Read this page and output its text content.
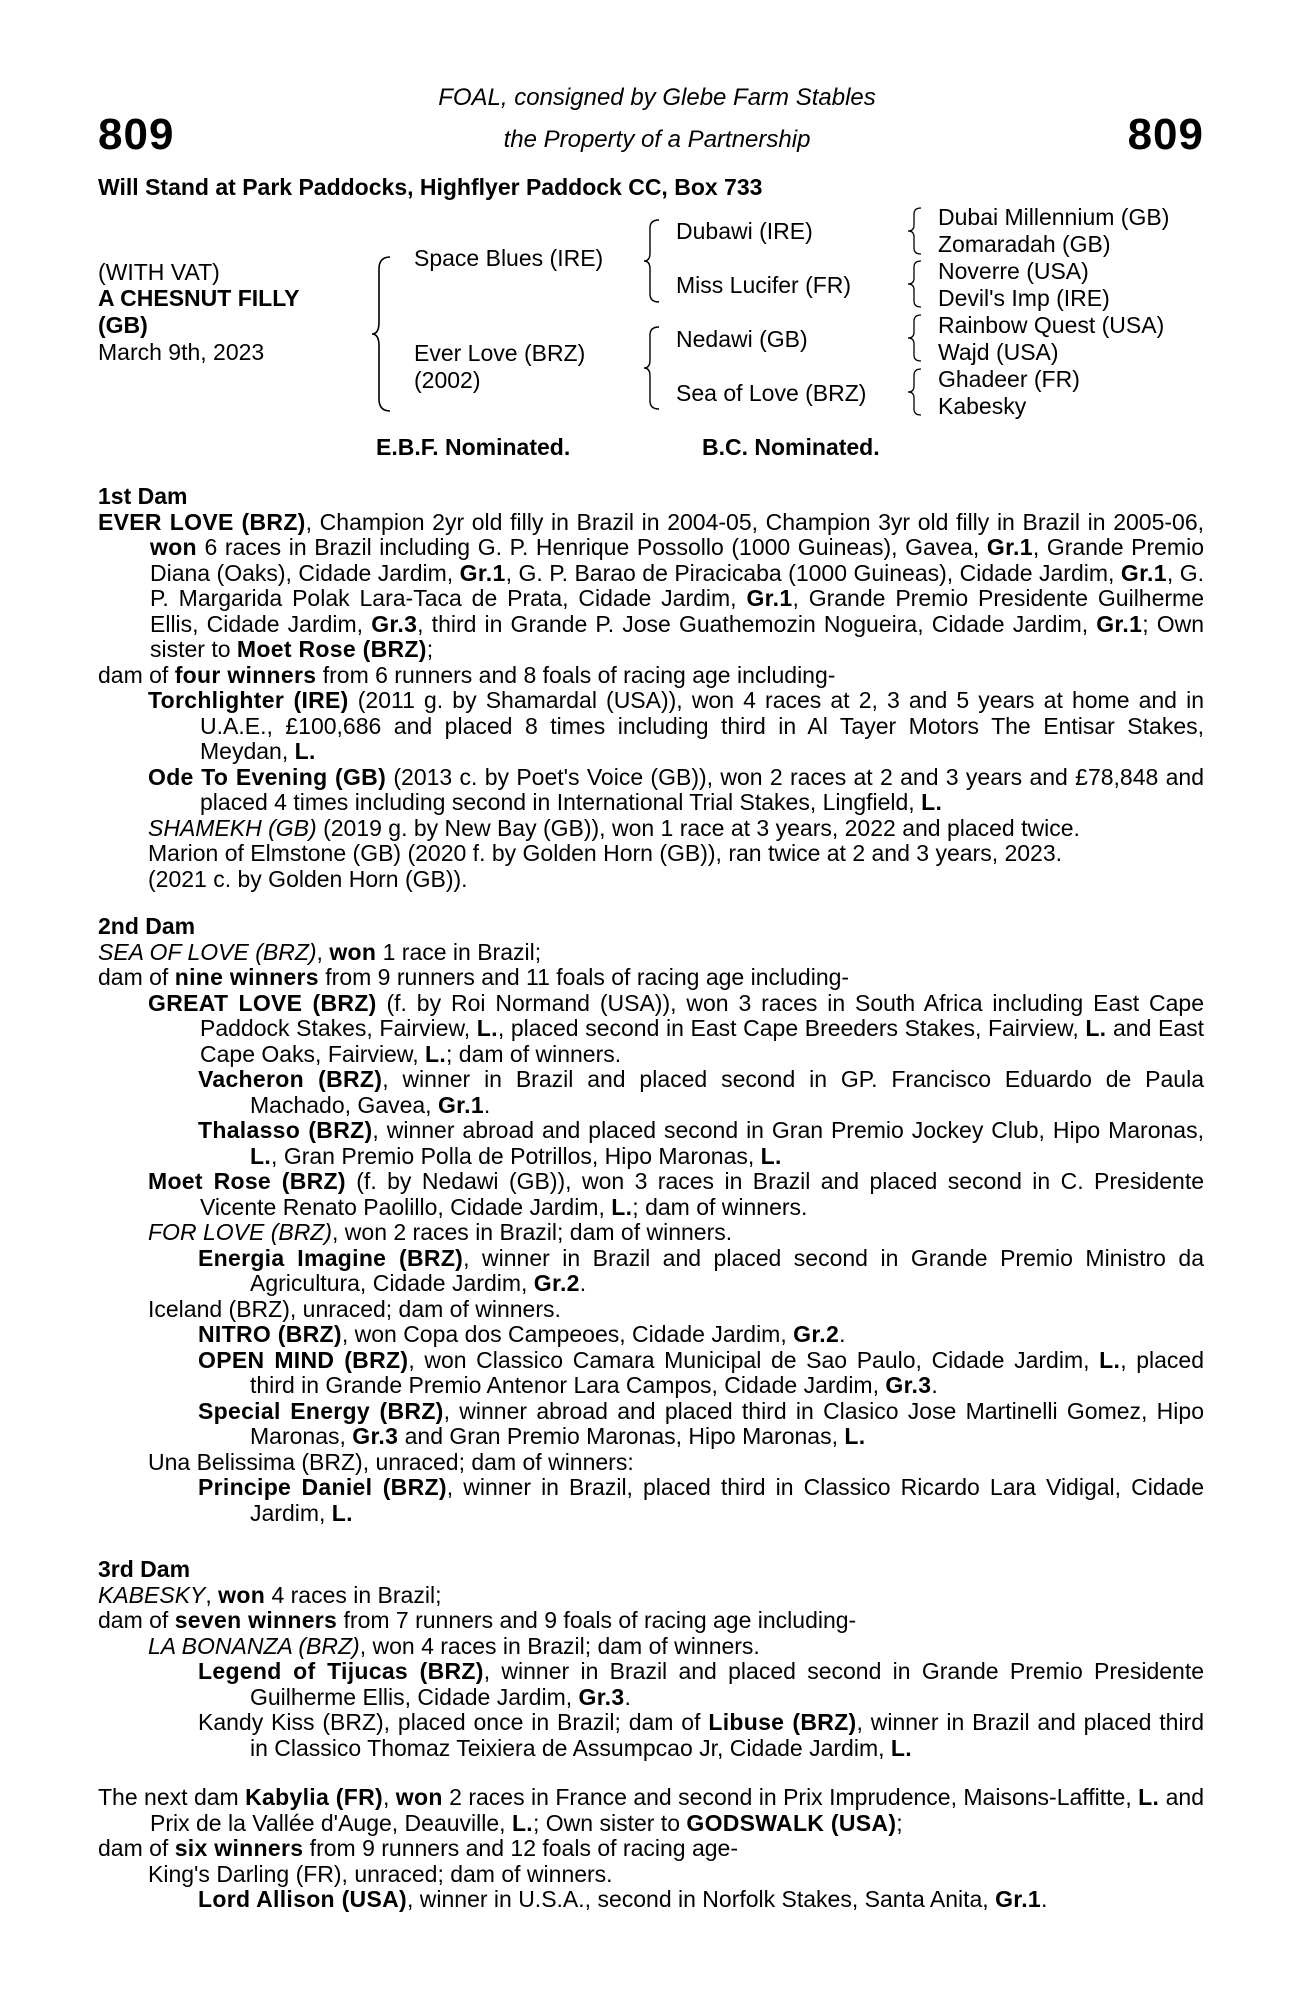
FOAL, consigned by Glebe Farm Stables
the Property of a Partnership
809	809
Will Stand at Park Paddocks, Highflyer Paddock CC, Box 733
(WITH VAT)
A CHESNUT FILLY
(GB)
March 9th, 2023
Space Blues (IRE)
Ever Love (BRZ)
(2002)
Dubawi (IRE)
Miss Lucifer (FR)
Nedawi (GB)
Sea of Love (BRZ)
Dubai Millennium (GB)
Zomaradah (GB)
Noverre (USA)
Devil's Imp (IRE)
Rainbow Quest (USA)
Wajd (USA)
Ghadeer (FR)
Kabesky
E.B.F. Nominated.	B.C. Nominated.

1st Dam

EVER LOVE (BRZ), Champion 2yr old filly in Brazil in 2004-05, Champion 3yr old filly in Brazil in 2005-06, won 6 races in Brazil including G. P. Henrique Possollo (1000 Guineas), Gavea, Gr.1, Grande Premio Diana (Oaks), Cidade Jardim, Gr.1, G. P. Barao de Piracicaba (1000 Guineas), Cidade Jardim, Gr.1, G. P. Margarida Polak Lara-Taca de Prata, Cidade Jardim, Gr.1, Grande Premio Presidente Guilherme Ellis, Cidade Jardim, Gr.3, third in Grande P. Jose Guathemozin Nogueira, Cidade Jardim, Gr.1; Own sister to Moet Rose (BRZ);

dam of four winners from 6 runners and 8 foals of racing age including-

Torchlighter (IRE) (2011 g. by Shamardal (USA)), won 4 races at 2, 3 and 5 years at home and in U.A.E., £100,686 and placed 8 times including third in Al Tayer Motors The Entisar Stakes, Meydan, L.

Ode To Evening (GB) (2013 c. by Poet's Voice (GB)), won 2 races at 2 and 3 years and £78,848 and placed 4 times including second in International Trial Stakes, Lingfield, L.

SHAMEKH (GB) (2019 g. by New Bay (GB)), won 1 race at 3 years, 2022 and placed twice.

Marion of Elmstone (GB) (2020 f. by Golden Horn (GB)), ran twice at 2 and 3 years, 2023.

(2021 c. by Golden Horn (GB)).

2nd Dam

SEA OF LOVE (BRZ), won 1 race in Brazil;

dam of nine winners from 9 runners and 11 foals of racing age including-

GREAT LOVE (BRZ) (f. by Roi Normand (USA)), won 3 races in South Africa including East Cape Paddock Stakes, Fairview, L., placed second in East Cape Breeders Stakes, Fairview, L. and East Cape Oaks, Fairview, L.; dam of winners.

Vacheron (BRZ), winner in Brazil and placed second in GP. Francisco Eduardo de Paula Machado, Gavea, Gr.1.

Thalasso (BRZ), winner abroad and placed second in Gran Premio Jockey Club, Hipo Maronas, L., Gran Premio Polla de Potrillos, Hipo Maronas, L.

Moet Rose (BRZ) (f. by Nedawi (GB)), won 3 races in Brazil and placed second in C. Presidente Vicente Renato Paolillo, Cidade Jardim, L.; dam of winners.

FOR LOVE (BRZ), won 2 races in Brazil; dam of winners.

Energia Imagine (BRZ), winner in Brazil and placed second in Grande Premio Ministro da Agricultura, Cidade Jardim, Gr.2.

Iceland (BRZ), unraced; dam of winners.

NITRO (BRZ), won Copa dos Campeoes, Cidade Jardim, Gr.2.

OPEN MIND (BRZ), won Classico Camara Municipal de Sao Paulo, Cidade Jardim, L., placed third in Grande Premio Antenor Lara Campos, Cidade Jardim, Gr.3.

Special Energy (BRZ), winner abroad and placed third in Clasico Jose Martinelli Gomez, Hipo Maronas, Gr.3 and Gran Premio Maronas, Hipo Maronas, L.

Una Belissima (BRZ), unraced; dam of winners:

Principe Daniel (BRZ), winner in Brazil, placed third in Classico Ricardo Lara Vidigal, Cidade Jardim, L.

3rd Dam

KABESKY, won 4 races in Brazil;

dam of seven winners from 7 runners and 9 foals of racing age including-

LA BONANZA (BRZ), won 4 races in Brazil; dam of winners.

Legend of Tijucas (BRZ), winner in Brazil and placed second in Grande Premio Presidente Guilherme Ellis, Cidade Jardim, Gr.3.

Kandy Kiss (BRZ), placed once in Brazil; dam of Libuse (BRZ), winner in Brazil and placed third in Classico Thomaz Teixiera de Assumpcao Jr, Cidade Jardim, L.

The next dam Kabylia (FR), won 2 races in France and second in Prix Imprudence, Maisons-Laffitte, L. and Prix de la Vallée d'Auge, Deauville, L.; Own sister to GODSWALK (USA);

dam of six winners from 9 runners and 12 foals of racing age-

King's Darling (FR), unraced; dam of winners.

Lord Allison (USA), winner in U.S.A., second in Norfolk Stakes, Santa Anita, Gr.1.
